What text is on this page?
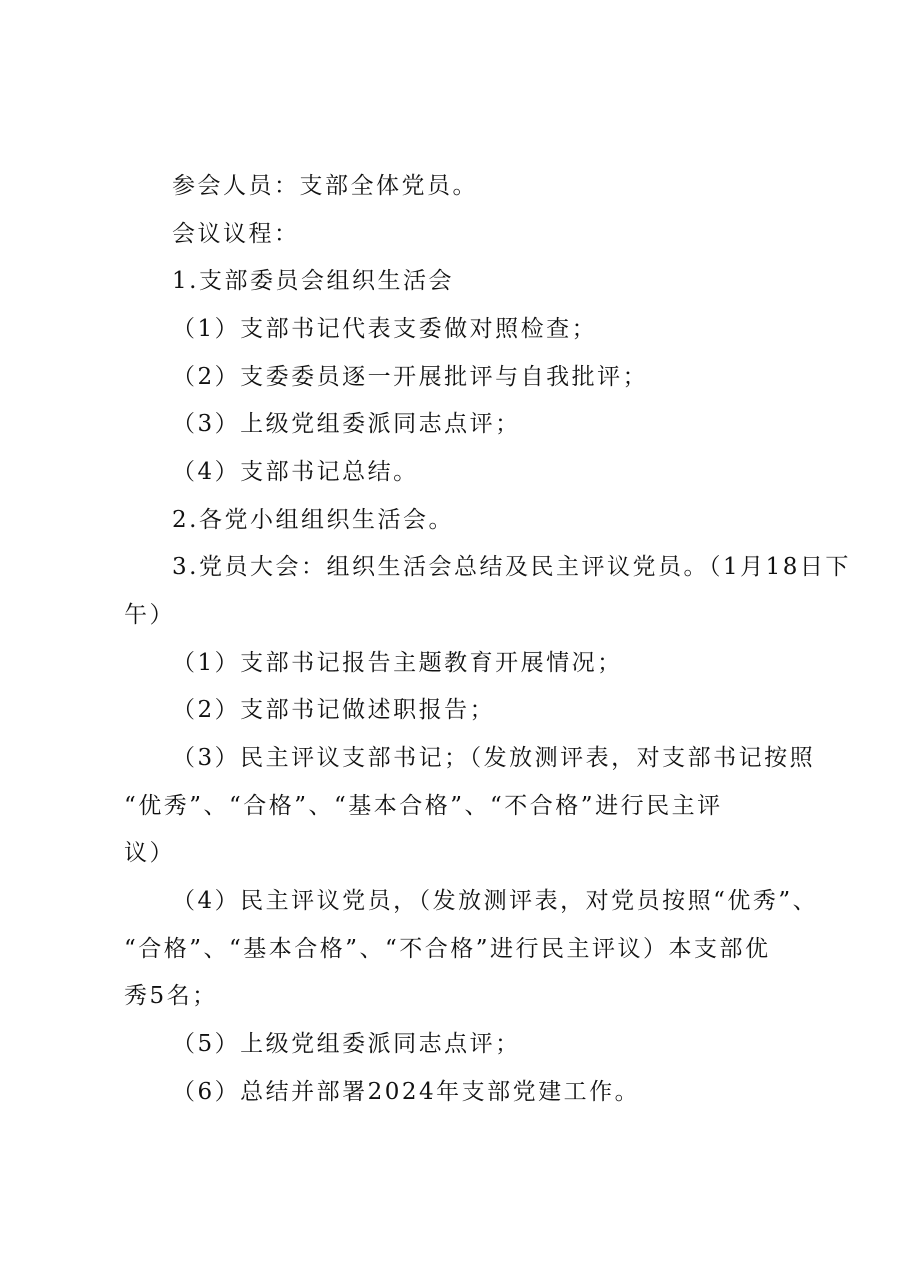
参会人员：支部全体党员。
会议议程：
1.支部委员会组织生活会
（1）支部书记代表支委做对照检查；
（2）支委委员逐一开展批评与自我批评；
（3）上级党组委派同志点评；
（4）支部书记总结。
2.各党小组组织生活会。
3.党员大会：组织生活会总结及民主评议党员。（1月18日下
午）
（1）支部书记报告主题教育开展情况；
（2）支部书记做述职报告；
（3）民主评议支部书记；（发放测评表，对支部书记按照
“优秀”、“合格”、“基本合格”、“不合格”进行民主评
议）
（4）民主评议党员，（发放测评表，对党员按照“优秀”、
“合格”、“基本合格”、“不合格”进行民主评议）本支部优
秀5名；
（5）上级党组委派同志点评；
（6）总结并部署2024年支部党建工作。
